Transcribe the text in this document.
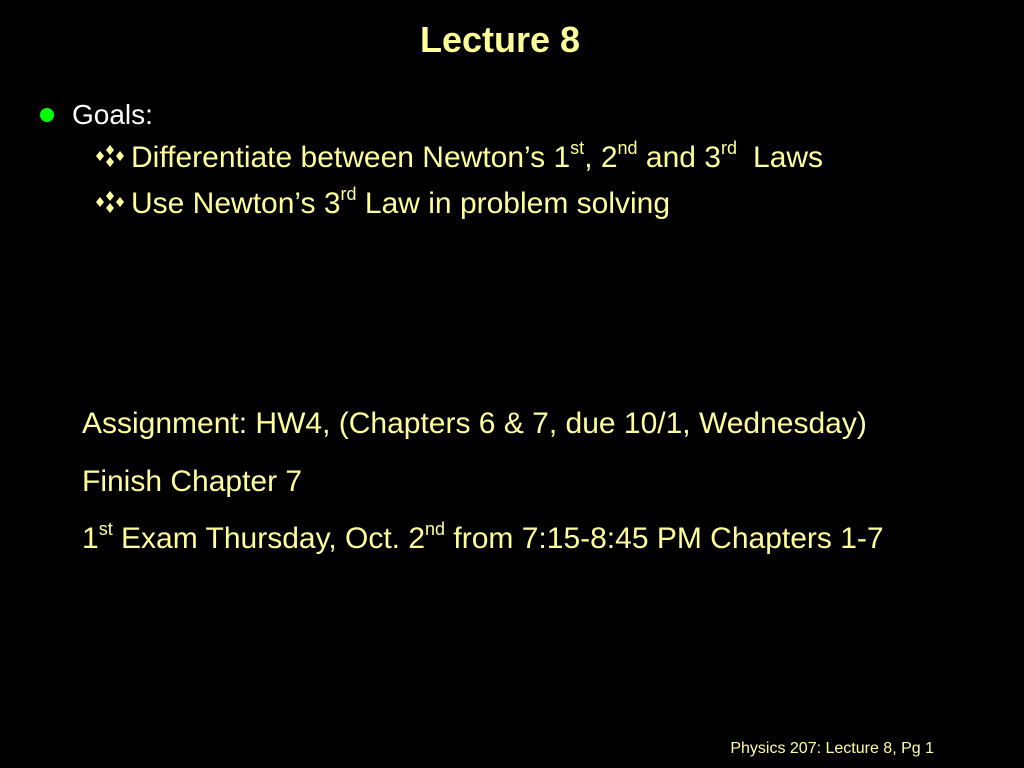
Lecture 8
Goals:
Differentiate between Newton’s 1st, 2nd and 3rd Laws
Use Newton’s 3rd Law in problem solving
Assignment: HW4, (Chapters 6 & 7, due 10/1, Wednesday)
Finish Chapter 7
1st Exam Thursday, Oct. 2nd from 7:15-8:45 PM Chapters 1-7
Physics 207: Lecture 8, Pg 1
